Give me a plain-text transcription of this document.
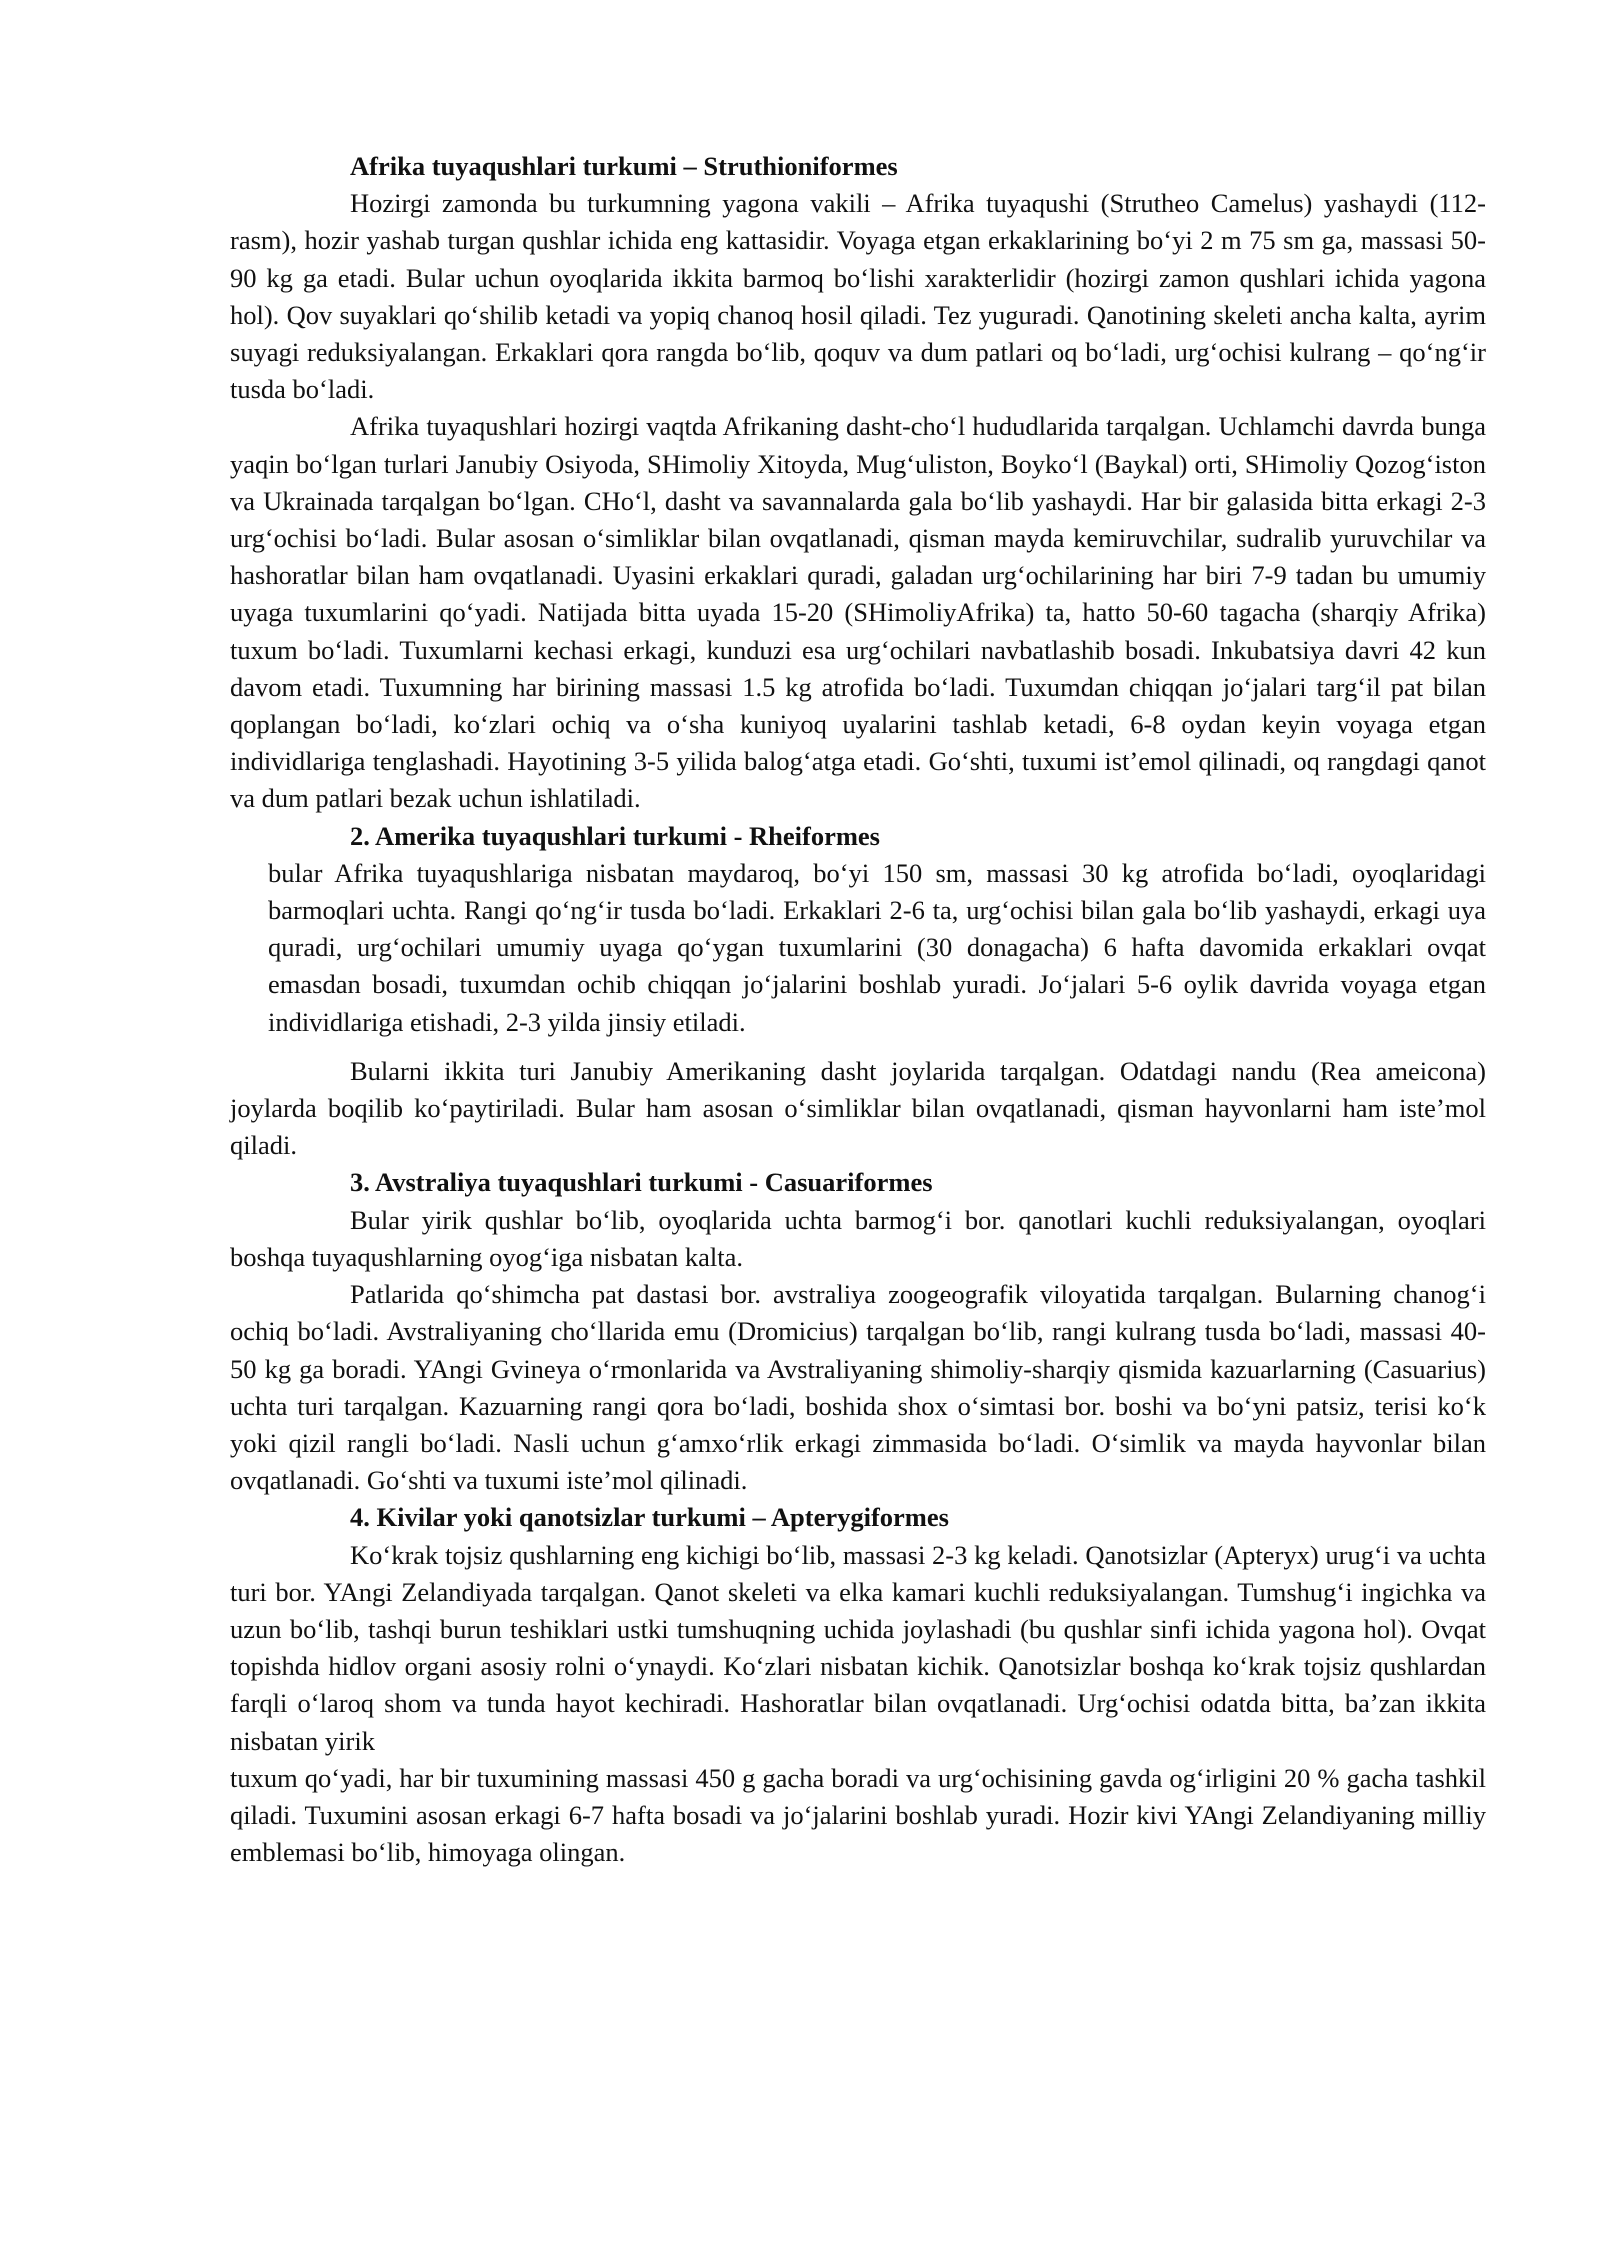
Afrika tuyaqushlari turkumi – Struthioniformes

Hozirgi zamonda bu turkumning yagona vakili – Afrika tuyaqushi (Strutheo Camelus) yashaydi (112-rasm), hozir yashab turgan qushlar ichida eng kattasidir. Voyaga etgan erkaklarining bo‘yi 2 m 75 sm ga, massasi 50-90 kg ga etadi. Bular uchun oyoqlarida ikkita barmoq bo‘lishi xarakterlidir (hozirgi zamon qushlari ichida yagona hol). Qov suyaklari qo‘shilib ketadi va yopiq chanoq hosil qiladi. Tez yuguradi. Qanotining skeleti ancha kalta, ayrim suyagi reduksiyalangan. Erkaklari qora rangda bo‘lib, qoquv va dum patlari oq bo‘ladi, urg‘ochisi kulrang – qo‘ng‘ir tusda bo‘ladi.

Afrika tuyaqushlari hozirgi vaqtda Afrikaning dasht-cho‘l hududlarida tarqalgan. Uchlamchi davrda bunga yaqin bo‘lgan turlari Janubiy Osiyoda, SHimoliy Xitoyda, Mug‘uliston, Boyko‘l (Baykal) orti, SHimoliy Qozog‘iston va Ukrainada tarqalgan bo‘lgan. CHo‘l, dasht va savannalarda gala bo‘lib yashaydi. Har bir galasida bitta erkagi 2-3 urg‘ochisi bo‘ladi. Bular asosan o‘simliklar bilan ovqatlanadi, qisman mayda kemiruvchilar, sudralib yuruvchilar va hashoratlar bilan ham ovqatlanadi. Uyasini erkaklari quradi, galadan urg‘ochilarining har biri 7-9 tadan bu umumiy uyaga tuxumlarini qo‘yadi. Natijada bitta uyada 15-20 (SHimoliyAfrika) ta, hatto 50-60 tagacha (sharqiy Afrika) tuxum bo‘ladi. Tuxumlarni kechasi erkagi, kunduzi esa urg‘ochilari navbatlashib bosadi. Inkubatsiya davri 42 kun davom etadi. Tuxumning har birining massasi 1.5 kg atrofida bo‘ladi. Tuxumdan chiqqan jo‘jalari targ‘il pat bilan qoplangan bo‘ladi, ko‘zlari ochiq va o‘sha kuniyoq uyalarini tashlab ketadi, 6-8 oydan keyin voyaga etgan individlariga tenglashadi. Hayotining 3-5 yilida balog‘atga etadi. Go‘shti, tuxumi ist’emol qilinadi, oq rangdagi qanot va dum patlari bezak uchun ishlatiladi.

2. Amerika tuyaqushlari turkumi - Rheiformes

bular Afrika tuyaqushlariga nisbatan maydaroq, bo‘yi 150 sm, massasi 30 kg atrofida bo‘ladi, oyoqlaridagi barmoqlari uchta. Rangi qo‘ng‘ir tusda bo‘ladi. Erkaklari 2-6 ta, urg‘ochisi bilan gala bo‘lib yashaydi, erkagi uya quradi, urg‘ochilari umumiy uyaga qo‘ygan tuxumlarini (30 donagacha) 6 hafta davomida erkaklari ovqat emasdan bosadi, tuxumdan ochib chiqqan jo‘jalarini boshlab yuradi. Jo‘jalari 5-6 oylik davrida voyaga etgan individlariga etishadi, 2-3 yilda jinsiy etiladi.

Bularni ikkita turi Janubiy Amerikaning dasht joylarida tarqalgan. Odatdagi nandu (Rea ameicona) joylarda boqilib ko‘paytiriladi. Bular ham asosan o‘simliklar bilan ovqatlanadi, qisman hayvonlarni ham iste’mol qiladi.

3. Avstraliya tuyaqushlari turkumi - Casuariformes

Bular yirik qushlar bo‘lib, oyoqlarida uchta barmog‘i bor. qanotlari kuchli reduksiyalangan, oyoqlari boshqa tuyaqushlarning oyog‘iga nisbatan kalta.

Patlarida qo‘shimcha pat dastasi bor. avstraliya zoogeografik viloyatida tarqalgan. Bularning chanog‘i ochiq bo‘ladi. Avstraliyaning cho‘llarida emu (Dromicius) tarqalgan bo‘lib, rangi kulrang tusda bo‘ladi, massasi 40-50 kg ga boradi. YAngi Gvineya o‘rmonlarida va Avstraliyaning shimoliy-sharqiy qismida kazuarlarning (Casuarius) uchta turi tarqalgan. Kazuarning rangi qora bo‘ladi, boshida shox o‘simtasi bor. boshi va bo‘yni patsiz, terisi ko‘k yoki qizil rangli bo‘ladi. Nasli uchun g‘amxo‘rlik erkagi zimmasida bo‘ladi. O‘simlik va mayda hayvonlar bilan ovqatlanadi. Go‘shti va tuxumi iste’mol qilinadi.

4. Kivilar yoki qanotsizlar turkumi – Apterygiformes

Ko‘krak tojsiz qushlarning eng kichigi bo‘lib, massasi 2-3 kg keladi. Qanotsizlar (Apteryx) urug‘i va uchta turi bor. YAngi Zelandiyada tarqalgan. Qanot skeleti va elka kamari kuchli reduksiyalangan. Tumshug‘i ingichka va uzun bo‘lib, tashqi burun teshiklari ustki tumshuqning uchida joylashadi (bu qushlar sinfi ichida yagona hol). Ovqat topishda hidlov organi asosiy rolni o‘ynaydi. Ko‘zlari nisbatan kichik. Qanotsizlar boshqa ko‘krak tojsiz qushlardan farqli o‘laroq shom va tunda hayot kechiradi. Hashoratlar bilan ovqatlanadi. Urg‘ochisi odatda bitta, ba’zan ikkita nisbatan yirik

tuxum qo‘yadi, har bir tuxumining massasi 450 g gacha boradi va urg‘ochisining gavda og‘irligini 20 % gacha tashkil qiladi. Tuxumini asosan erkagi 6-7 hafta bosadi va jo‘jalarini boshlab yuradi. Hozir kivi YAngi Zelandiyaning milliy emblemasi bo‘lib, himoyaga olingan.
